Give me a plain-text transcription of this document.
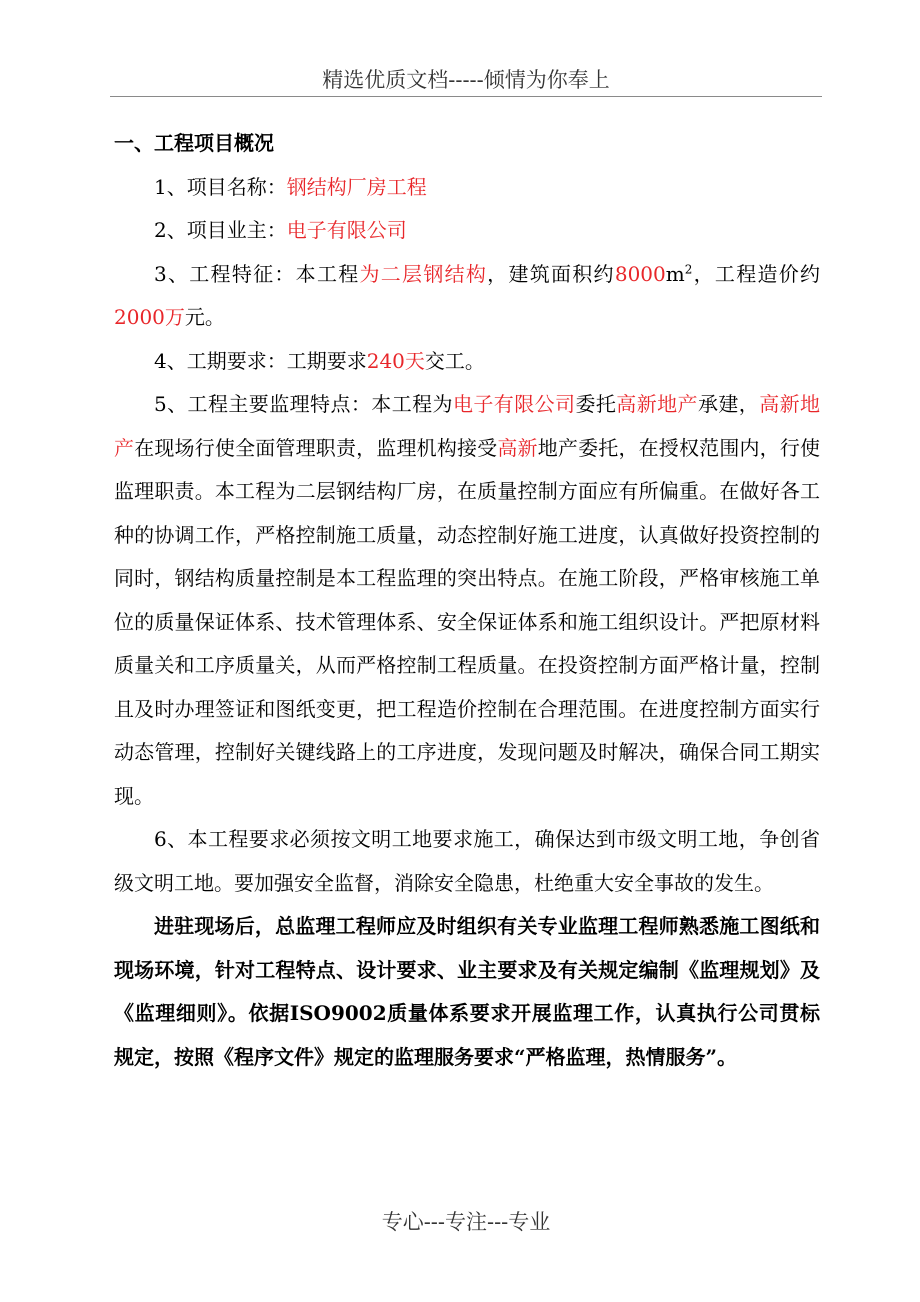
精选优质文档-----倾情为你奉上

一、工程项目概况

1、项目名称：钢结构厂房工程

2、项目业主：电子有限公司

3、工程特征：本工程为二层钢结构，建筑面积约$8000m^2$，工程造价约2000万元。

4、工期要求：工期要求240天交工。

5、工程主要监理特点：本工程为电子有限公司委托高新地产承建，高新地产在现场行使全面管理职责，监理机构接受高新地产委托，在授权范围内，行使监理职责。本工程为二层钢结构厂房，在质量控制方面应有所偏重。在做好各工种的协调工作，严格控制施工质量，动态控制好施工进度，认真做好投资控制的同时，钢结构质量控制是本工程监理的突出特点。在施工阶段，严格审核施工单位的质量保证体系、技术管理体系、安全保证体系和施工组织设计。严把原材料质量关和工序质量关，从而严格控制工程质量。在投资控制方面严格计量，控制且及时办理签证和图纸变更，把工程造价控制在合理范围。在进度控制方面实行动态管理，控制好关键线路上的工序进度，发现问题及时解决，确保合同工期实现。

6、本工程要求必须按文明工地要求施工，确保达到市级文明工地，争创省级文明工地。要加强安全监督，消除安全隐患，杜绝重大安全事故的发生。

进驻现场后，总监理工程师应及时组织有关专业监理工程师熟悉施工图纸和现场环境，针对工程特点、设计要求、业主要求及有关规定编制《监理规划》及《监理细则》。依据ISO9002质量体系要求开展监理工作，认真执行公司贯标规定，按照《程序文件》规定的监理服务要求“严格监理，热情服务”。

专心---专注---专业
